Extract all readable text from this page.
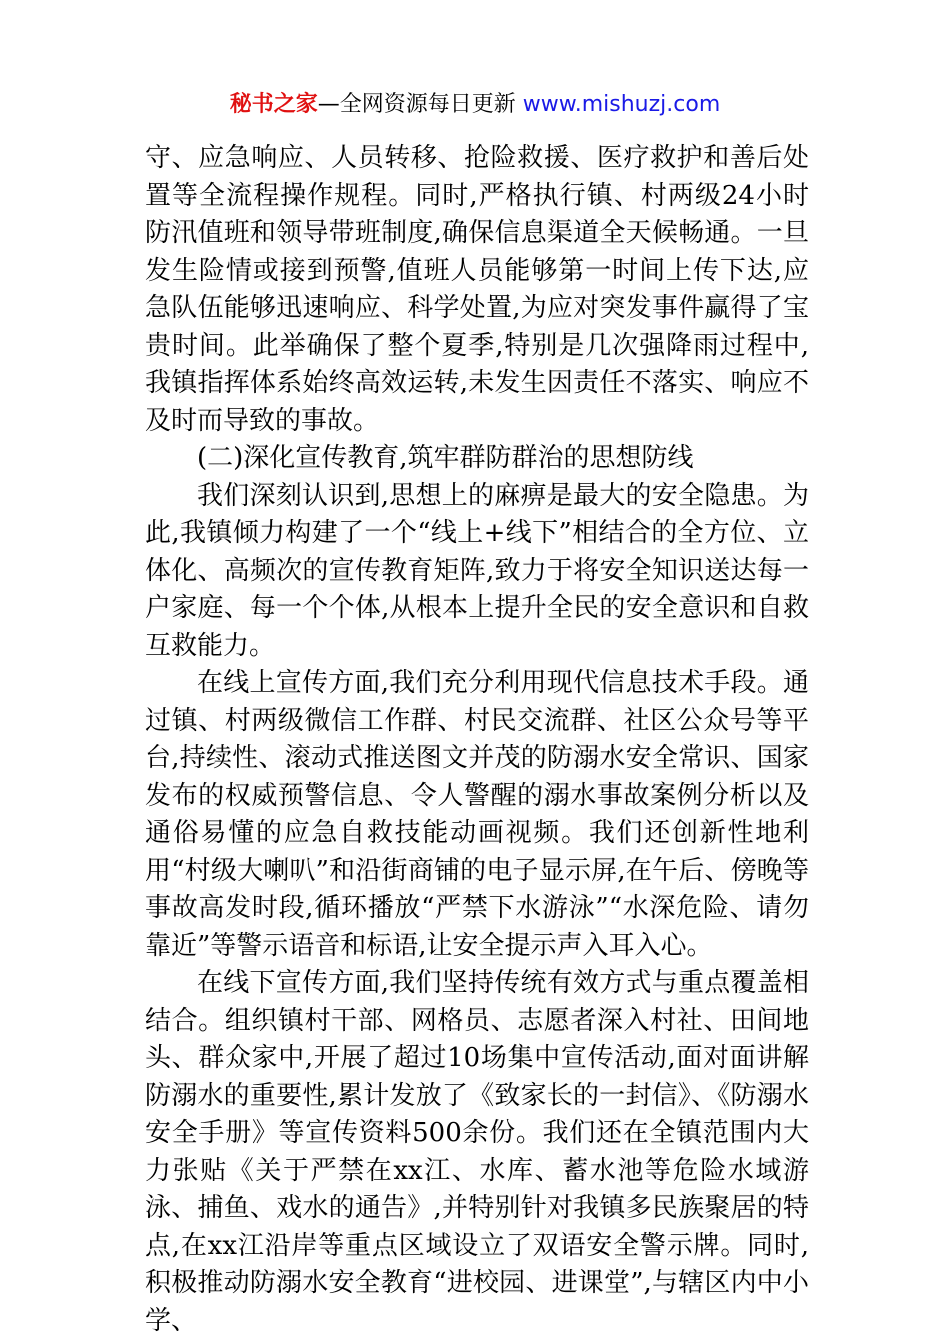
秘书之家—全网资源每日更新 www.mishuzj.com

守、应急响应、人员转移、抢险救援、医疗救护和善后处置等全流程操作规程。同时,严格执行镇、村两级24小时防汛值班和领导带班制度,确保信息渠道全天候畅通。一旦发生险情或接到预警,值班人员能够第一时间上传下达,应急队伍能够迅速响应、科学处置,为应对突发事件赢得了宝贵时间。此举确保了整个夏季,特别是几次强降雨过程中,我镇指挥体系始终高效运转,未发生因责任不落实、响应不及时而导致的事故。

(二)深化宣传教育,筑牢群防群治的思想防线

我们深刻认识到,思想上的麻痹是最大的安全隐患。为此,我镇倾力构建了一个“线上+线下”相结合的全方位、立体化、高频次的宣传教育矩阵,致力于将安全知识送达每一户家庭、每一个个体,从根本上提升全民的安全意识和自救互救能力。

在线上宣传方面,我们充分利用现代信息技术手段。通过镇、村两级微信工作群、村民交流群、社区公众号等平台,持续性、滚动式推送图文并茂的防溺水安全常识、国家发布的权威预警信息、令人警醒的溺水事故案例分析以及通俗易懂的应急自救技能动画视频。我们还创新性地利用“村级大喇叭”和沿街商铺的电子显示屏,在午后、傍晚等事故高发时段,循环播放“严禁下水游泳”“水深危险、请勿靠近”等警示语音和标语,让安全提示声入耳入心。

在线下宣传方面,我们坚持传统有效方式与重点覆盖相结合。组织镇村干部、网格员、志愿者深入村社、田间地头、群众家中,开展了超过10场集中宣传活动,面对面讲解防溺水的重要性,累计发放了《致家长的一封信》、《防溺水安全手册》等宣传资料500余份。我们还在全镇范围内大力张贴《关于严禁在xx江、水库、蓄水池等危险水域游泳、捕鱼、戏水的通告》,并特别针对我镇多民族聚居的特点,在xx江沿岸等重点区域设立了双语安全警示牌。同时,积极推动防溺水安全教育“进校园、进课堂”,与辖区内中小学、
